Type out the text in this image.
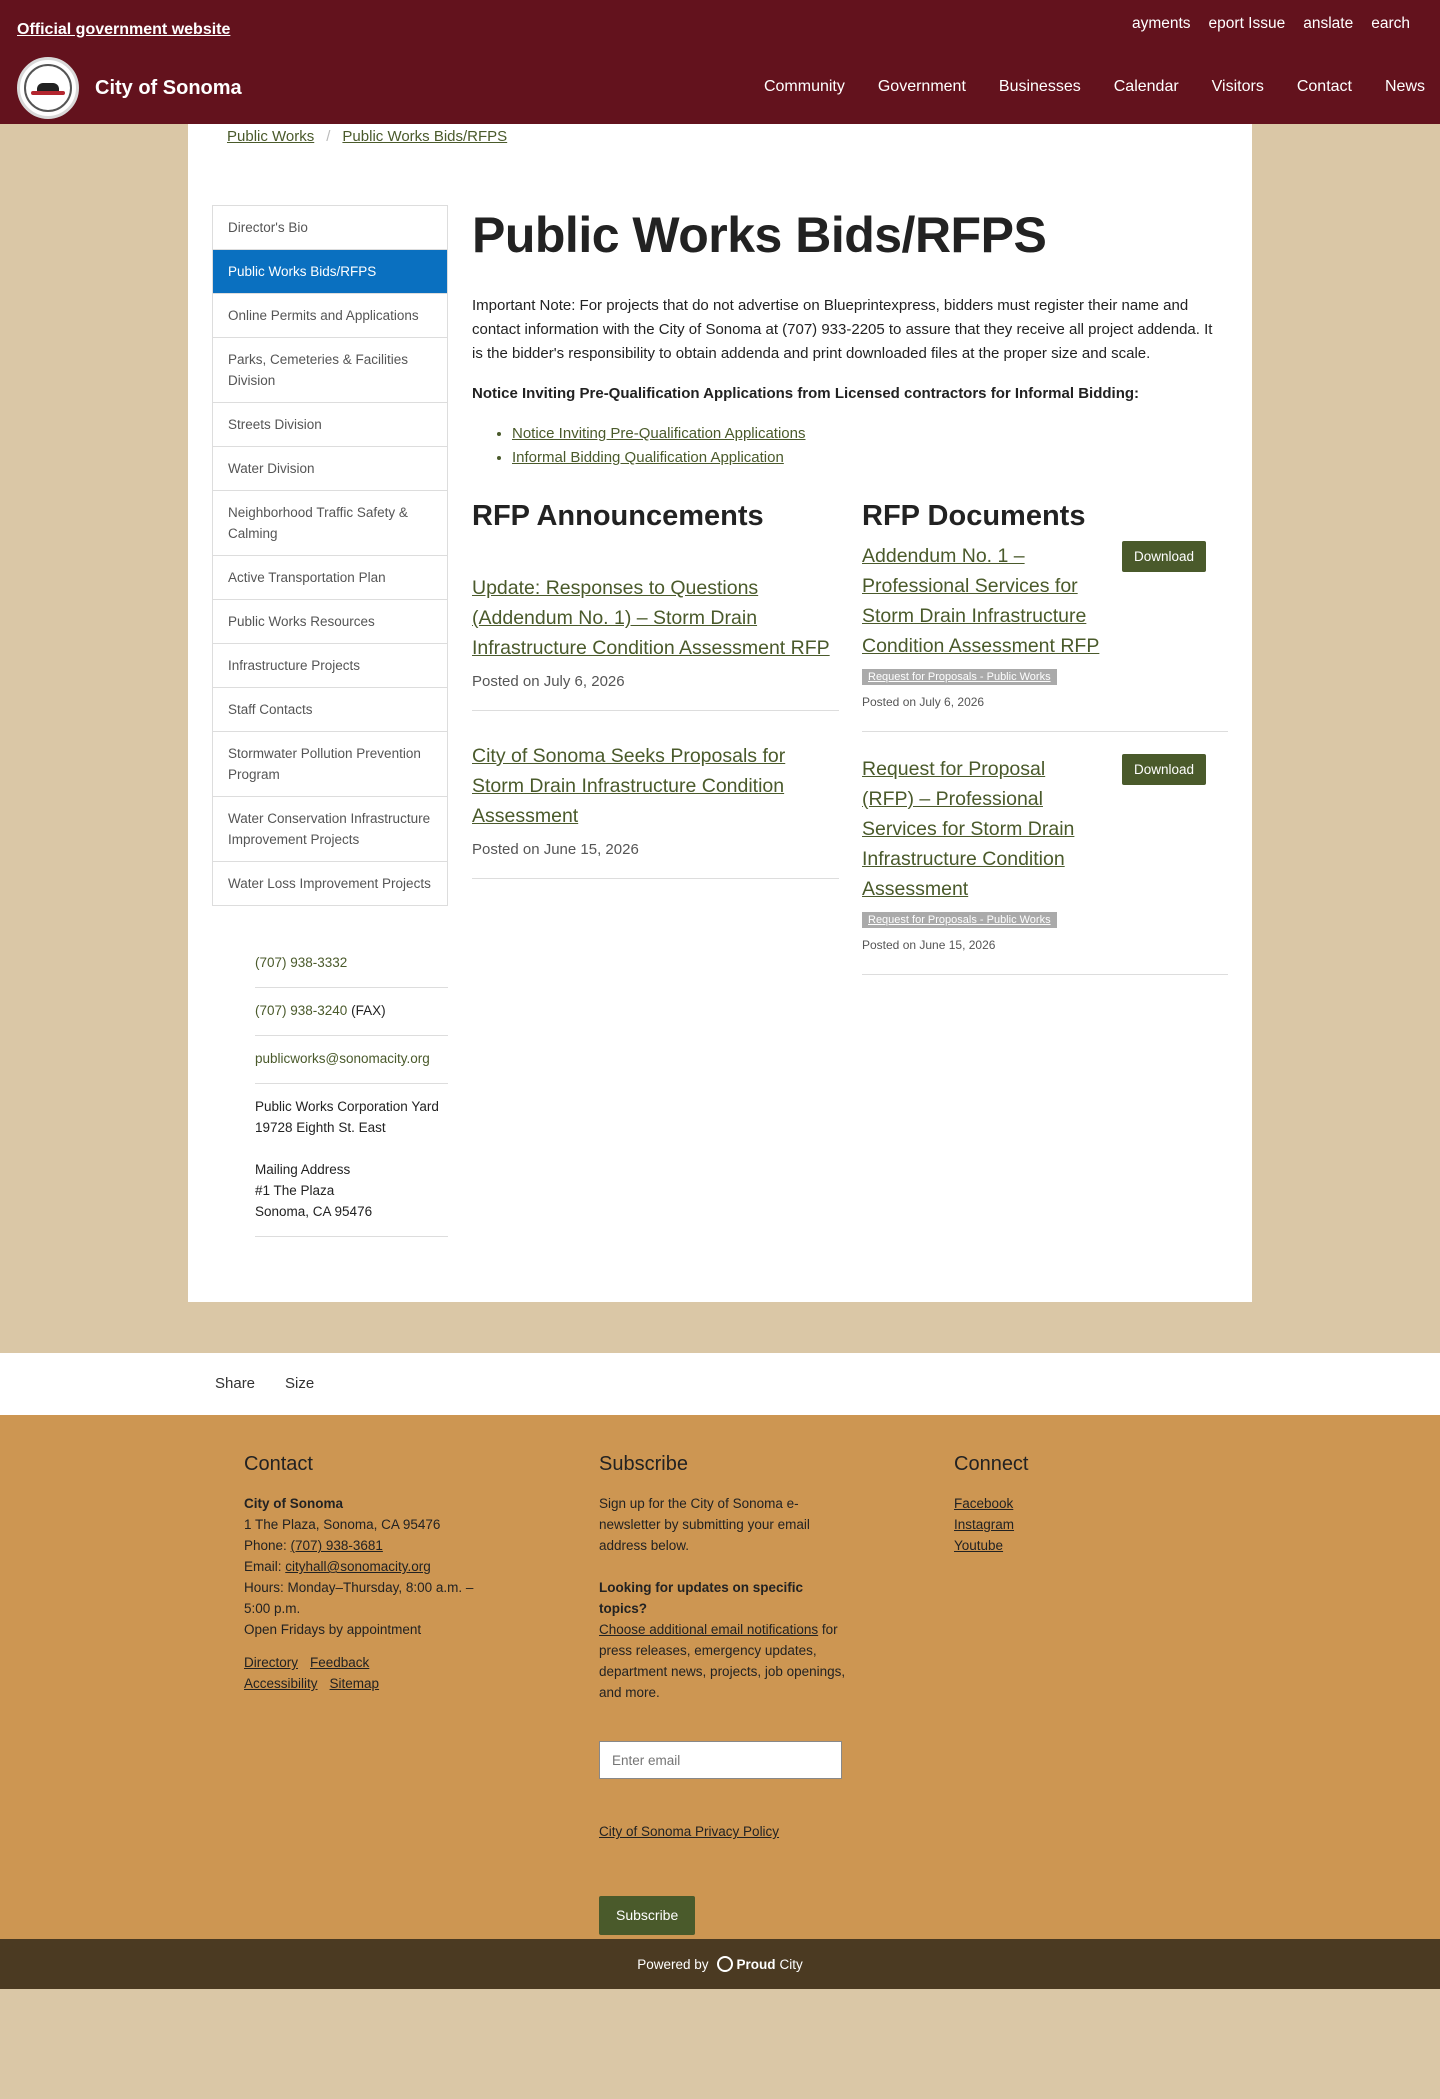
Official government website	ayments eport Issue anslate earch
City of Sonoma	Community Government Businesses Calendar Visitors Contact News
Public Works / Public Works Bids/RFPS
Director's Bio
Public Works Bids/RFPS
Online Permits and Applications
Parks, Cemeteries & Facilities Division
Streets Division
Water Division
Neighborhood Traffic Safety & Calming
Active Transportation Plan
Public Works Resources
Infrastructure Projects
Staff Contacts
Stormwater Pollution Prevention Program
Water Conservation Infrastructure Improvement Projects
Water Loss Improvement Projects
(707) 938-3332
(707) 938-3240 (FAX)
publicworks@sonomacity.org
Public Works Corporation Yard
19728 Eighth St. East
Mailing Address
#1 The Plaza
Sonoma, CA 95476
Public Works Bids/RFPS

Important Note: For projects that do not advertise on Blueprintexpress, bidders must register their name and contact information with the City of Sonoma at (707) 933-2205 to assure that they receive all project addenda. It is the bidder's responsibility to obtain addenda and print downloaded files at the proper size and scale.

Notice Inviting Pre-Qualification Applications from Licensed contractors for Informal Bidding:

• Notice Inviting Pre-Qualification Applications
• Informal Bidding Qualification Application
RFP Announcements
Update: Responses to Questions (Addendum No. 1) – Storm Drain Infrastructure Condition Assessment RFP
Posted on July 6, 2026
City of Sonoma Seeks Proposals for Storm Drain Infrastructure Condition Assessment
Posted on June 15, 2026
RFP Documents
Addendum No. 1 – Professional Services for Storm Drain Infrastructure Condition Assessment RFP
Download
Request for Proposals - Public Works
Posted on July 6, 2026
Request for Proposal (RFP) – Professional Services for Storm Drain Infrastructure Condition Assessment
Download
Request for Proposals - Public Works
Posted on June 15, 2026
Share Size
Contact
City of Sonoma
1 The Plaza, Sonoma, CA 95476
Phone: (707) 938-3681
Email: cityhall@sonomacity.org
Hours: Monday–Thursday, 8:00 a.m. – 5:00 p.m.
Open Fridays by appointment
Directory Feedback
Accessibility Sitemap
Subscribe
Sign up for the City of Sonoma e-newsletter by submitting your email address below.
Looking for updates on specific topics?
Choose additional email notifications for press releases, emergency updates, department news, projects, job openings, and more.
Enter email
City of Sonoma Privacy Policy
Subscribe
Connect
Facebook
Instagram
Youtube
Powered by Proud City
